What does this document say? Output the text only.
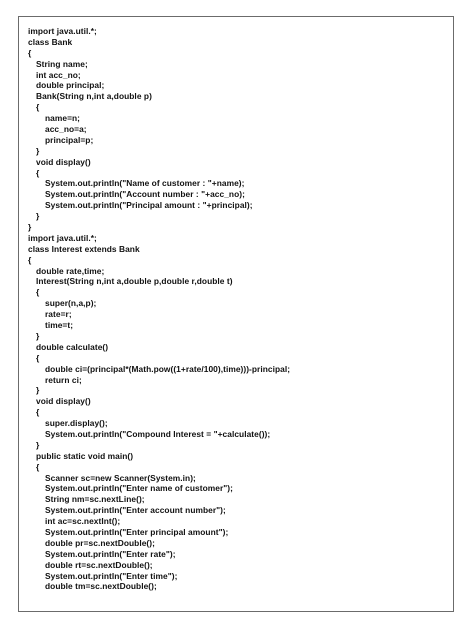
import java.util.*;
class Bank
{
String name;
int acc_no;
double principal;
Bank(String n,int a,double p)
{
name=n;
acc_no=a;
principal=p;
}
void display()
{
System.out.println("Name of customer : "+name);
System.out.println("Account number : "+acc_no);
System.out.println("Principal amount : "+principal);
}
}
import java.util.*;
class Interest extends Bank
{
double rate,time;
Interest(String n,int a,double p,double r,double t)
{
super(n,a,p);
rate=r;
time=t;
}
double calculate()
{
double ci=(principal*(Math.pow((1+rate/100),time)))-principal;
return ci;
}
void display()
{
super.display();
System.out.println("Compound Interest = "+calculate());
}
public static void main()
{
Scanner sc=new Scanner(System.in);
System.out.println("Enter name of customer");
String nm=sc.nextLine();
System.out.println("Enter account number");
int ac=sc.nextInt();
System.out.println("Enter principal amount");
double pr=sc.nextDouble();
System.out.println("Enter rate");
double rt=sc.nextDouble();
System.out.println("Enter time");
double tm=sc.nextDouble();
